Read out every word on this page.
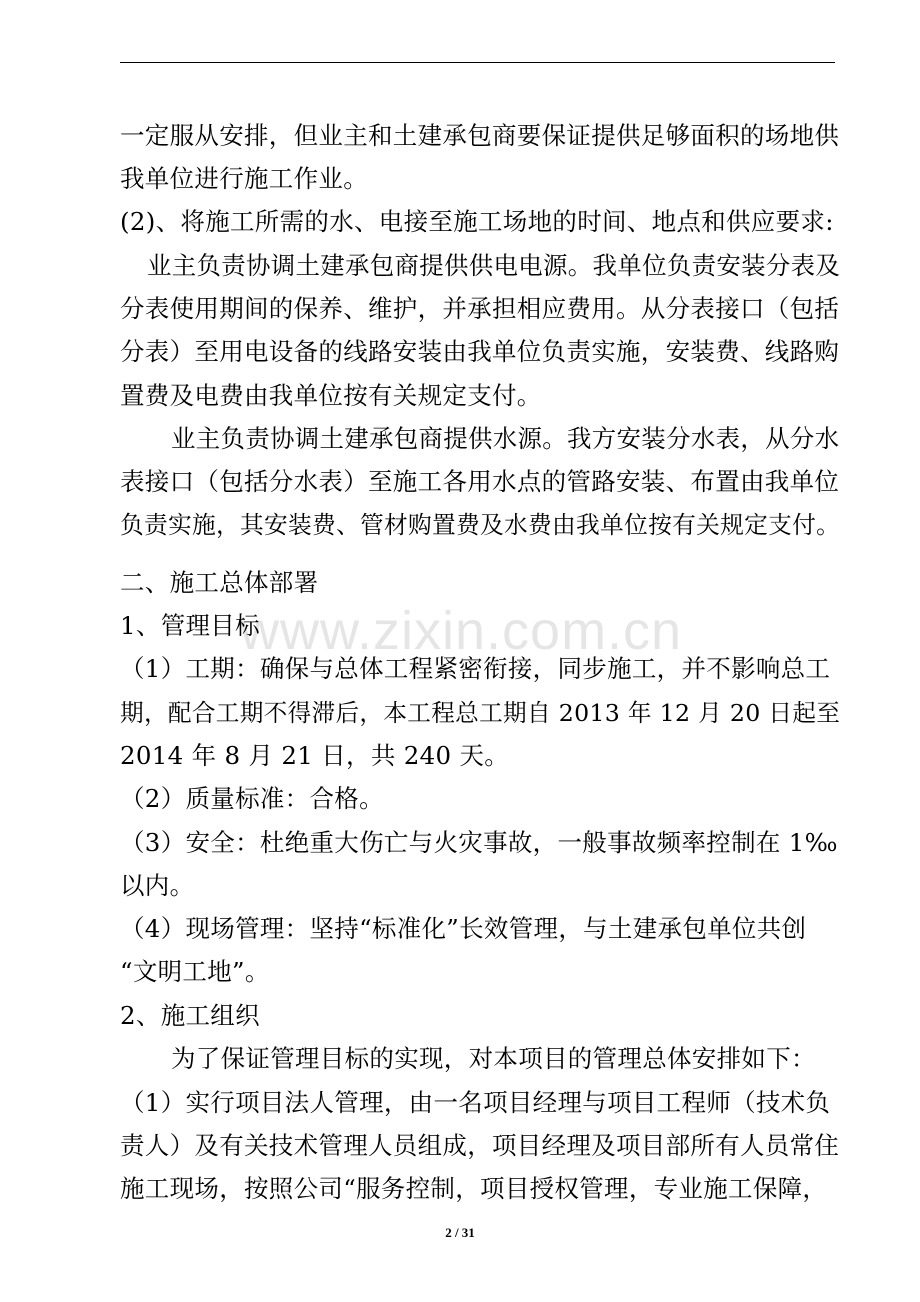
一定服从安排，但业主和土建承包商要保证提供足够面积的场地供
我单位进行施工作业。
(2)、将施工所需的水、电接至施工场地的时间、地点和供应要求:
业主负责协调土建承包商提供供电电源。我单位负责安装分表及
分表使用期间的保养、维护，并承担相应费用。从分表接口（包括
分表）至用电设备的线路安装由我单位负责实施，安装费、线路购
置费及电费由我单位按有关规定支付。
业主负责协调土建承包商提供水源。我方安装分水表，从分水
表接口（包括分水表）至施工各用水点的管路安装、布置由我单位
负责实施，其安装费、管材购置费及水费由我单位按有关规定支付。
二、施工总体部署
1、管理目标
（1）工期：确保与总体工程紧密衔接，同步施工，并不影响总工
期，配合工期不得滞后，本工程总工期自 2013 年 12 月 20 日起至
2014 年 8 月 21 日，共 240 天。
（2）质量标准：合格。
（3）安全：杜绝重大伤亡与火灾事故，一般事故频率控制在 1‰
以内。
（4）现场管理：坚持“标准化”长效管理，与土建承包单位共创
“文明工地”。
2、施工组织
为了保证管理目标的实现，对本项目的管理总体安排如下：
（1）实行项目法人管理，由一名项目经理与项目工程师（技术负
责人）及有关技术管理人员组成，项目经理及项目部所有人员常住
施工现场，按照公司“服务控制，项目授权管理，专业施工保障，
www.zixin.com.cn
2 / 31
